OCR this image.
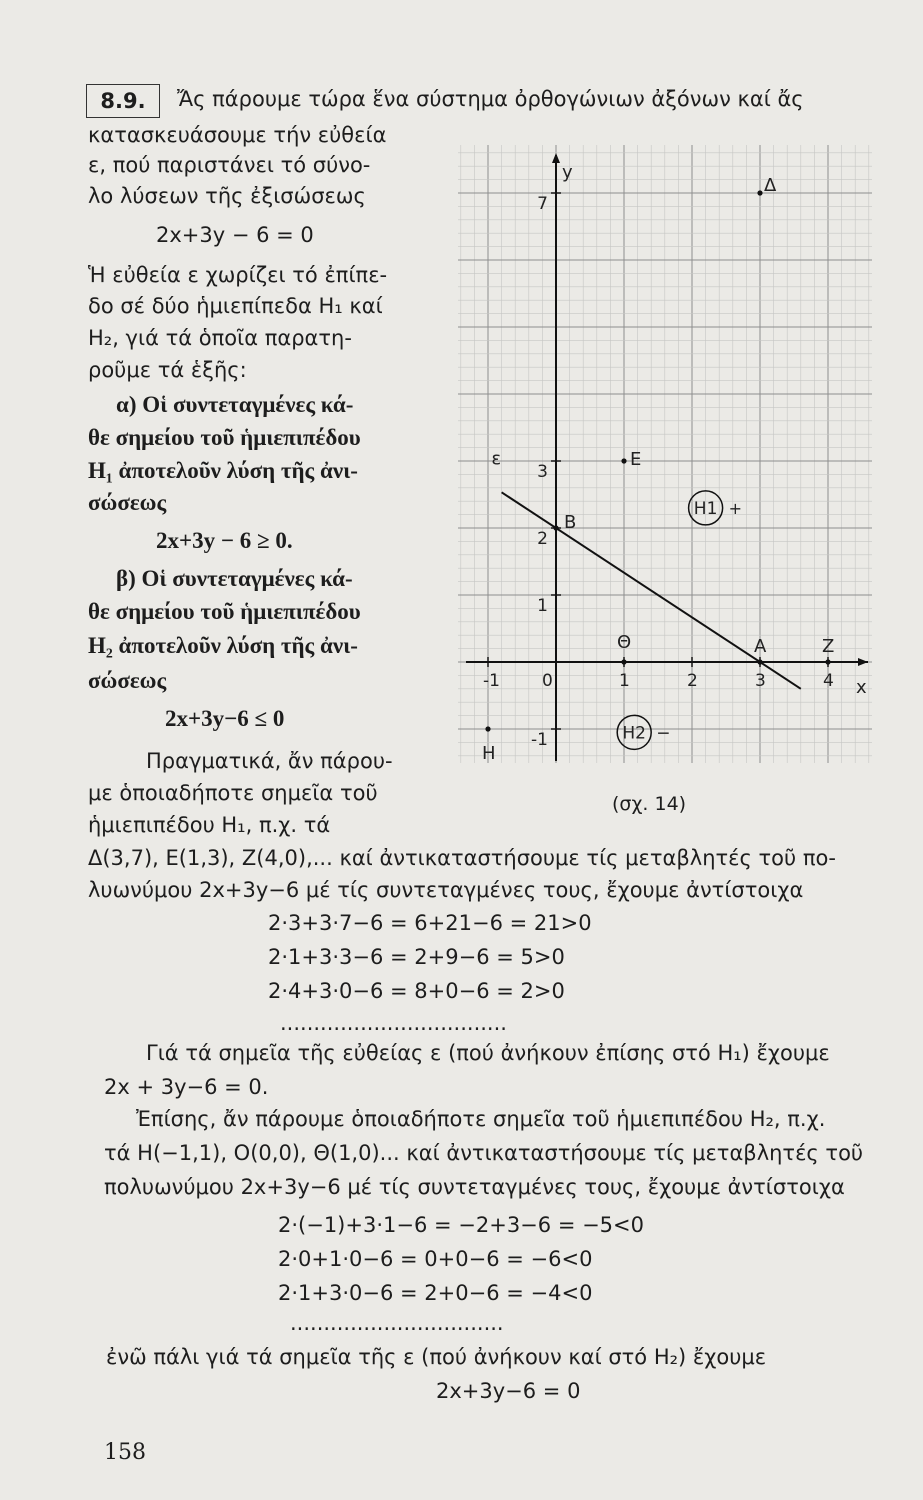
8.9.	Ἄς πάρουμε τώρα ἕνα σύστημα ὀρθογώνιων ἀξόνων καί ἄς
κατασκευάσουμε τήν εὐθεία
ε, πού παριστάνει τό σύνο-
λο λύσεων τῆς ἐξισώσεως
2x+3y − 6 = 0
Ἡ εὐθεία ε χωρίζει τό ἐπίπε-
δο σέ δύο ἡμιεπίπεδα H₁ καί
H₂, γιά τά ὁποῖα παρατη-
ροῦμε τά ἑξῆς:
α) Οἱ συντεταγμένες κά-
θε σημείου τοῦ ἡμιεπιπέδου
H₁ ἀποτελοῦν λύση τῆς ἀνι-
σώσεως
2x+3y − 6 ≥ 0.
β) Οἱ συντεταγμένες κά-
θε σημείου τοῦ ἡμιεπιπέδου
H₂ ἀποτελοῦν λύση τῆς ἀνι-
σώσεως
2x+3y−6 ≤ 0
Πραγματικά, ἄν πάρου-
με ὁποιαδήποτε σημεῖα τοῦ
ἡμιεπιπέδου H₁, π.χ. τά
Δ(3,7), E(1,3), Z(4,0),... καί ἀντικαταστήσουμε τίς μεταβλητές τοῦ πο-
λυωνύμου 2x+3y−6 μέ τίς συντεταγμένες τους, ἔχουμε ἀντίστοιχα
2·3+3·7−6 = 6+21−6 = 21>0
2·1+3·3−6 = 2+9−6 = 5>0
2·4+3·0−6 = 8+0−6 = 2>0
..................................
Γιά τά σημεῖα τῆς εὐθείας ε (πού ἀνήκουν ἐπίσης στό H₁) ἔχουμε
2x + 3y−6 = 0.
Ἐπίσης, ἄν πάρουμε ὁποιαδήποτε σημεῖα τοῦ ἡμιεπιπέδου H₂, π.χ.
τά H(−1,1), O(0,0), Θ(1,0)... καί ἀντικαταστήσουμε τίς μεταβλητές τοῦ
πολυωνύμου 2x+3y−6 μέ τίς συντεταγμένες τους, ἔχουμε ἀντίστοιχα
2·(−1)+3·1−6 = −2+3−6 = −5<0
2·0+1·0−6 = 0+0−6 = −6<0
2·1+3·0−6 = 2+0−6 = −4<0
................................
ἐνῶ πάλι γιά τά σημεῖα τῆς ε (πού ἀνήκουν καί στό H₂) ἔχουμε
2x+3y−6 = 0
x
y
-1 0	1	2	3	4
7
3
2
1
-1
ε
Δ
E
B
A	Z
Θ
H
H1 +
H2 −
(σχ. 14)
158
